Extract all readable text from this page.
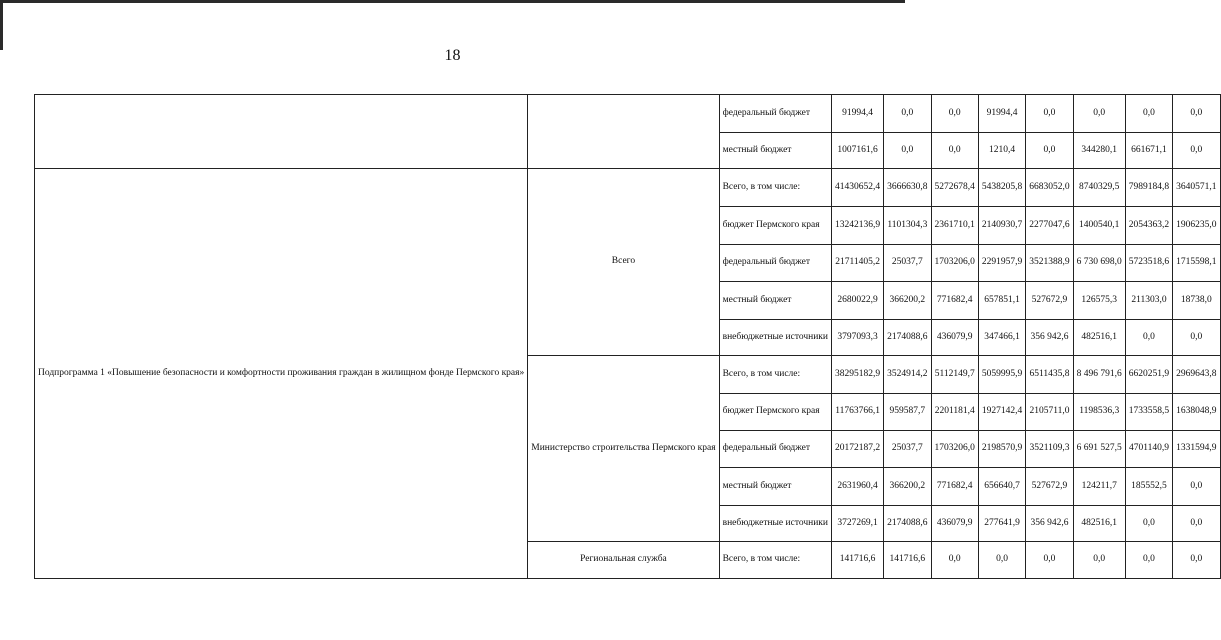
18
		федеральный бюджет	91994,4	0,0	0,0	91994,4	0,0	0,0	0,0	0,0
		местный бюджет	1007161,6	0,0	0,0	1210,4	0,0	344280,1	661671,1	0,0
Подпрограмма 1 «Повышение безопасности и комфортности проживания граждан в жилищном фонде Пермского края»	Всего	Всего, в том числе:	41430652,4	3666630,8	5272678,4	5438205,8	6683052,0	8740329,5	7989184,8	3640571,1
		бюджет Пермского края	13242136,9	1101304,3	2361710,1	2140930,7	2277047,6	1400540,1	2054363,2	1906235,0
		федеральный бюджет	21711405,2	25037,7	1703206,0	2291957,9	3521388,9	6 730 698,0	5723518,6	1715598,1
		местный бюджет	2680022,9	366200,2	771682,4	657851,1	527672,9	126575,3	211303,0	18738,0
		внебюджетные источники	3797093,3	2174088,6	436079,9	347466,1	356 942,6	482516,1	0,0	0,0
	Министерство строительства Пермского края	Всего, в том числе:	38295182,9	3524914,2	5112149,7	5059995,9	6511435,8	8 496 791,6	6620251,9	2969643,8
		бюджет Пермского края	11763766,1	959587,7	2201181,4	1927142,4	2105711,0	1198536,3	1733558,5	1638048,9
		федеральный бюджет	20172187,2	25037,7	1703206,0	2198570,9	3521109,3	6 691 527,5	4701140,9	1331594,9
		местный бюджет	2631960,4	366200,2	771682,4	656640,7	527672,9	124211,7	185552,5	0,0
		внебюджетные источники	3727269,1	2174088,6	436079,9	277641,9	356 942,6	482516,1	0,0	0,0
	Региональная служба	Всего, в том числе:	141716,6	141716,6	0,0	0,0	0,0	0,0	0,0	0,0
